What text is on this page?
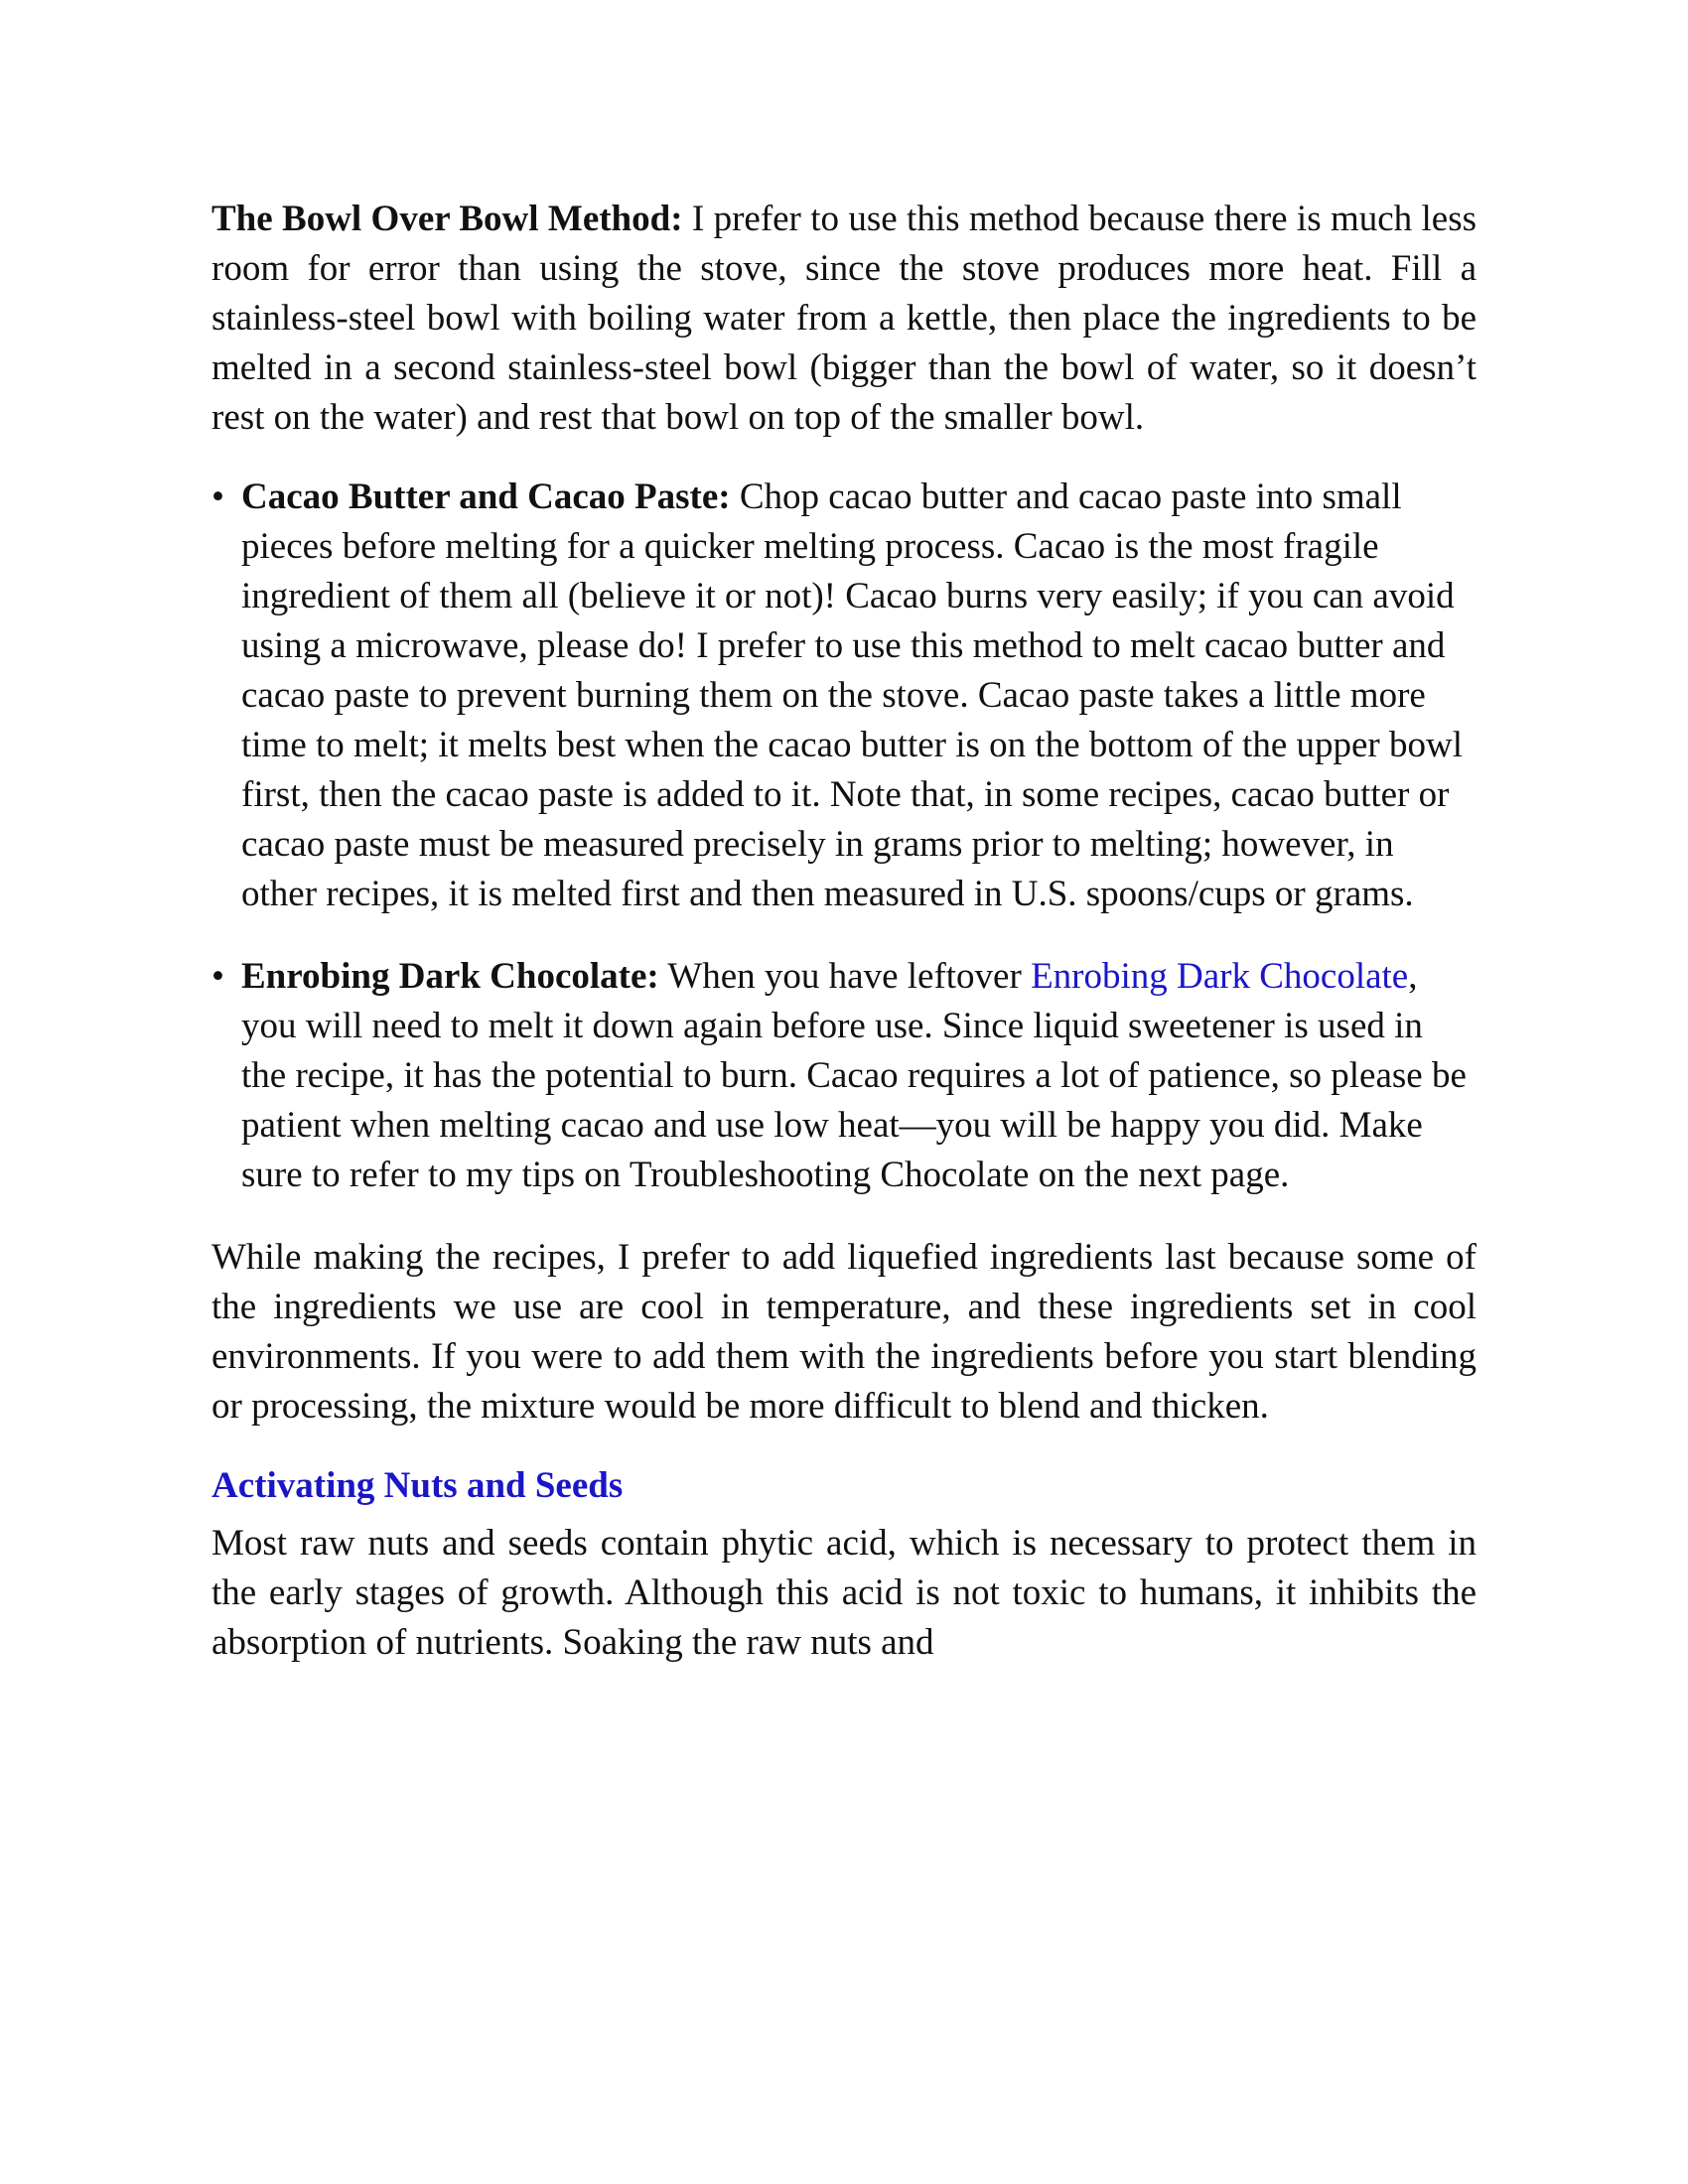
The Bowl Over Bowl Method: I prefer to use this method because there is much less room for error than using the stove, since the stove produces more heat. Fill a stainless-steel bowl with boiling water from a kettle, then place the ingredients to be melted in a second stainless-steel bowl (bigger than the bowl of water, so it doesn’t rest on the water) and rest that bowl on top of the smaller bowl.

• Cacao Butter and Cacao Paste: Chop cacao butter and cacao paste into small pieces before melting for a quicker melting process. Cacao is the most fragile ingredient of them all (believe it or not)! Cacao burns very easily; if you can avoid using a microwave, please do! I prefer to use this method to melt cacao butter and cacao paste to prevent burning them on the stove. Cacao paste takes a little more time to melt; it melts best when the cacao butter is on the bottom of the upper bowl first, then the cacao paste is added to it. Note that, in some recipes, cacao butter or cacao paste must be measured precisely in grams prior to melting; however, in other recipes, it is melted first and then measured in U.S. spoons/cups or grams.
• Enrobing Dark Chocolate: When you have leftover Enrobing Dark Chocolate, you will need to melt it down again before use. Since liquid sweetener is used in the recipe, it has the potential to burn. Cacao requires a lot of patience, so please be patient when melting cacao and use low heat—you will be happy you did. Make sure to refer to my tips on Troubleshooting Chocolate on the next page.

While making the recipes, I prefer to add liquefied ingredients last because some of the ingredients we use are cool in temperature, and these ingredients set in cool environments. If you were to add them with the ingredients before you start blending or processing, the mixture would be more difficult to blend and thicken.

Activating Nuts and Seeds

Most raw nuts and seeds contain phytic acid, which is necessary to protect them in the early stages of growth. Although this acid is not toxic to humans, it inhibits the absorption of nutrients. Soaking the raw nuts and
